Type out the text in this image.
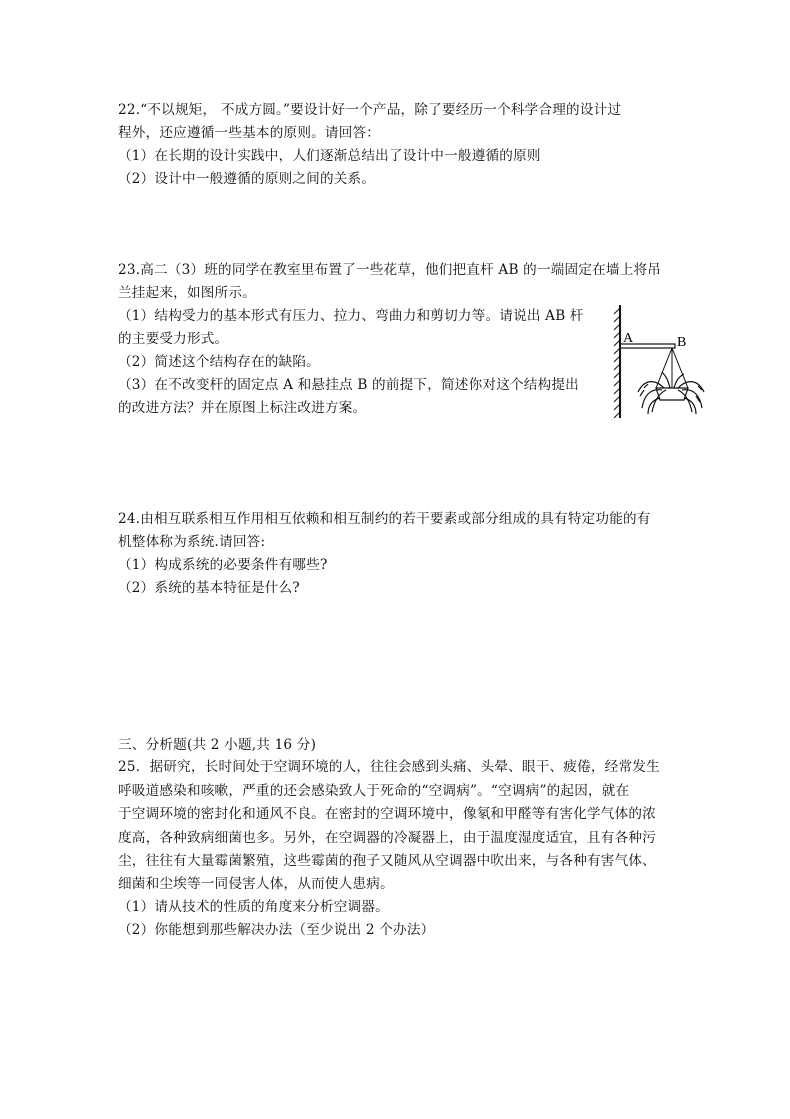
22.“不以规矩， 不成方圆。”要设计好一个产品，除了要经历一个科学合理的设计过
程外，还应遵循一些基本的原则。请回答：
（1）在长期的设计实践中，人们逐渐总结出了设计中一般遵循的原则
（2）设计中一般遵循的原则之间的关系。
23.高二（3）班的同学在教室里布置了一些花草，他们把直杆 AB 的一端固定在墙上将吊
兰挂起来，如图所示。
（1）结构受力的基本形式有压力、拉力、弯曲力和剪切力等。请说出 AB 杆
的主要受力形式。
（2）简述这个结构存在的缺陷。
（3）在不改变杆的固定点 A 和悬挂点 B 的前提下，简述你对这个结构提出
的改进方法？并在原图上标注改进方案。
A	B
24.由相互联系相互作用相互依赖和相互制约的若干要素或部分组成的具有特定功能的有
机整体称为系统.请回答:
（1）构成系统的必要条件有哪些?
（2）系统的基本特征是什么?
三、分析题(共 2 小题,共 16 分)
25．据研究，长时间处于空调环境的人，往往会感到头痛、头晕、眼干、疲倦，经常发生
呼吸道感染和咳嗽，严重的还会感染致人于死命的“空调病”。“空调病”的起因，就在
于空调环境的密封化和通风不良。在密封的空调环境中，像氡和甲醛等有害化学气体的浓
度高，各种致病细菌也多。另外，在空调器的冷凝器上，由于温度湿度适宜，且有各种污
尘，往往有大量霉菌繁殖，这些霉菌的孢子又随风从空调器中吹出来，与各种有害气体、
细菌和尘埃等一同侵害人体，从而使人患病。
（1）请从技术的性质的角度来分析空调器。
（2）你能想到那些解决办法（至少说出 2 个办法）
